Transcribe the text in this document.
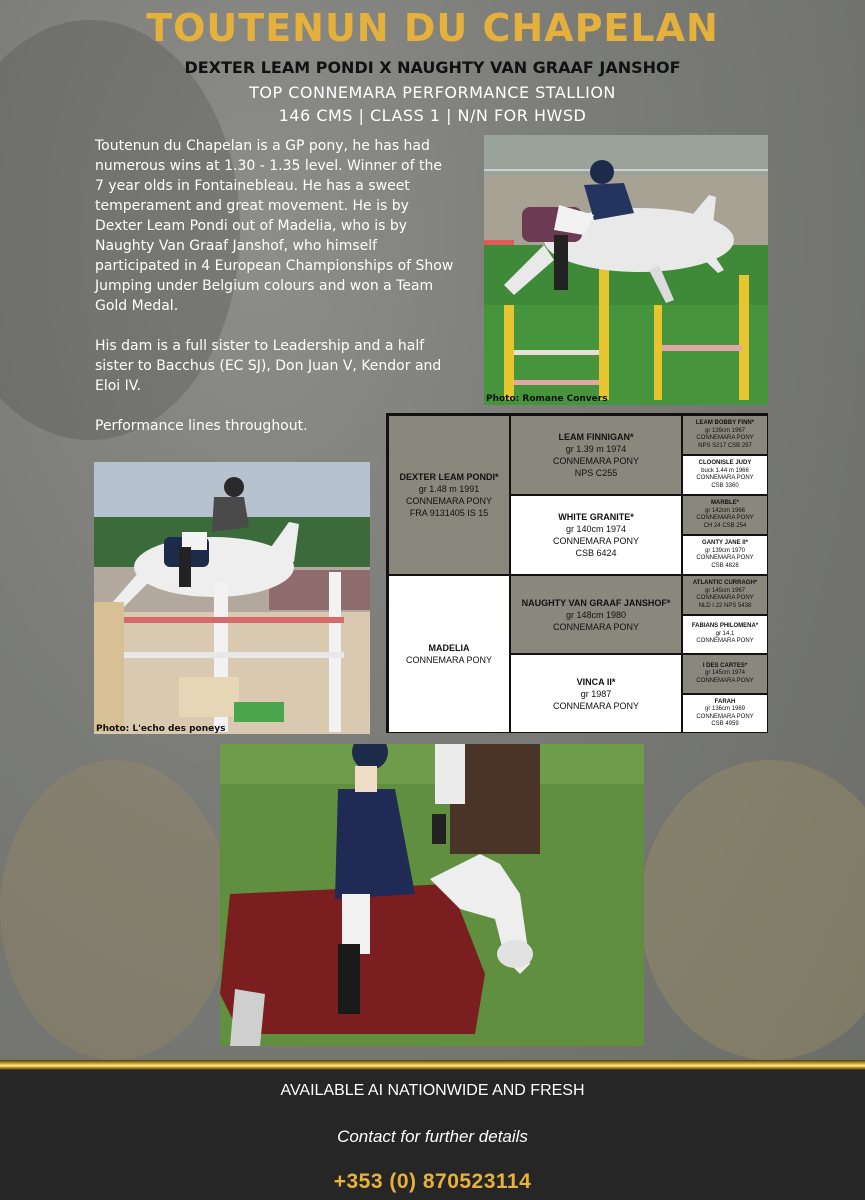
TOUTENUN DU CHAPELAN
DEXTER LEAM PONDI X NAUGHTY VAN GRAAF JANSHOF
TOP CONNEMARA PERFORMANCE STALLION
146 CMS | CLASS 1 | N/N FOR HWSD

Toutenun du Chapelan is a GP pony, he has had numerous wins at 1.30 - 1.35 level. Winner of the 7 year olds in Fontainebleau. He has a sweet temperament and great movement. He is by Dexter Leam Pondi out of Madelia, who is by Naughty Van Graaf Janshof, who himself participated in 4 European Championships of Show Jumping under Belgium colours and won a Team Gold Medal.

His dam is a full sister to Leadership and a half sister to Bacchus (EC SJ), Don Juan V, Kendor and Eloi IV.

Performance lines throughout.

Photo: Romane Convers
Photo: L'echo des poneys
DEXTER LEAM PONDI*
gr 1.48 m 1991
CONNEMARA PONY
FRA 9131405 IS 15
MADELIA
CONNEMARA PONY
LEAM FINNIGAN*
gr 1.39 m 1974
CONNEMARA PONY
NPS C255
WHITE GRANITE*
gr 140cm 1974
CONNEMARA PONY
CSB 6424
NAUGHTY VAN GRAAF JANSHOF*
gr 148cm 1980
CONNEMARA PONY
VINCA II*
gr 1987
CONNEMARA PONY
LEAM BOBBY FINN*
gr 139cm 1967
CONNEMARA PONY
NPS S217 CSB 297
CLOONISLE JUDY
buck 1.44 m 1966
CONNEMARA PONY
CSB 3360
MARBLE*
gr 142cm 1966
CONNEMARA PONY
CH 24 CSB 254
GANTY JANE II*
gr 139cm 1970
CONNEMARA PONY
CSB 4828
ATLANTIC CURRAGH*
gr 145cm 1967
CONNEMARA PONY
NLD I 22 NPS 5438
FABIANS PHILOMENA*
gr 14.1
CONNEMARA PONY
I DES CARTES*
gr 145cm 1974
CONNEMARA PONY
FARAH
gr 136cm 1969
CONNEMARA PONY
CSB 4959
AVAILABLE AI NATIONWIDE AND FRESH
Contact for further details
+353 (0) 870523114
